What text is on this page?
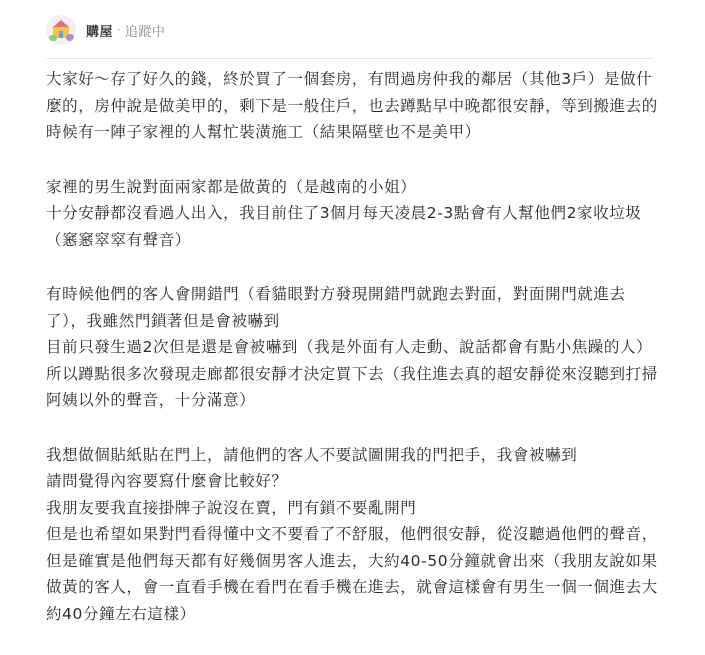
購屋 · 追蹤中
大家好～存了好久的錢，終於買了一個套房，有問過房仲我的鄰居（其他3戶）是做什
麼的，房仲說是做美甲的，剩下是一般住戶，也去蹲點早中晚都很安靜，等到搬進去的
時候有一陣子家裡的人幫忙裝潢施工（結果隔壁也不是美甲）
家裡的男生說對面兩家都是做黃的（是越南的小姐）
十分安靜都沒看過人出入，我目前住了3個月每天凌晨2-3點會有人幫他們2家收垃圾
（窸窸窣窣有聲音）
有時候他們的客人會開錯門（看貓眼對方發現開錯門就跑去對面，對面開門就進去
了），我雖然門鎖著但是會被嚇到
目前只發生過2次但是還是會被嚇到（我是外面有人走動、說話都會有點小焦躁的人）
所以蹲點很多次發現走廊都很安靜才決定買下去（我住進去真的超安靜從來沒聽到打掃
阿姨以外的聲音，十分滿意）
我想做個貼紙貼在門上，請他們的客人不要試圖開我的門把手，我會被嚇到
請問覺得內容要寫什麼會比較好？
我朋友要我直接掛牌子說沒在賣，門有鎖不要亂開門
但是也希望如果對門看得懂中文不要看了不舒服，他們很安靜，從沒聽過他們的聲音，
但是確實是他們每天都有好幾個男客人進去，大約40-50分鐘就會出來（我朋友說如果
做黃的客人，會一直看手機在看門在看手機在進去，就會這樣會有男生一個一個進去大
約40分鐘左右這樣）
